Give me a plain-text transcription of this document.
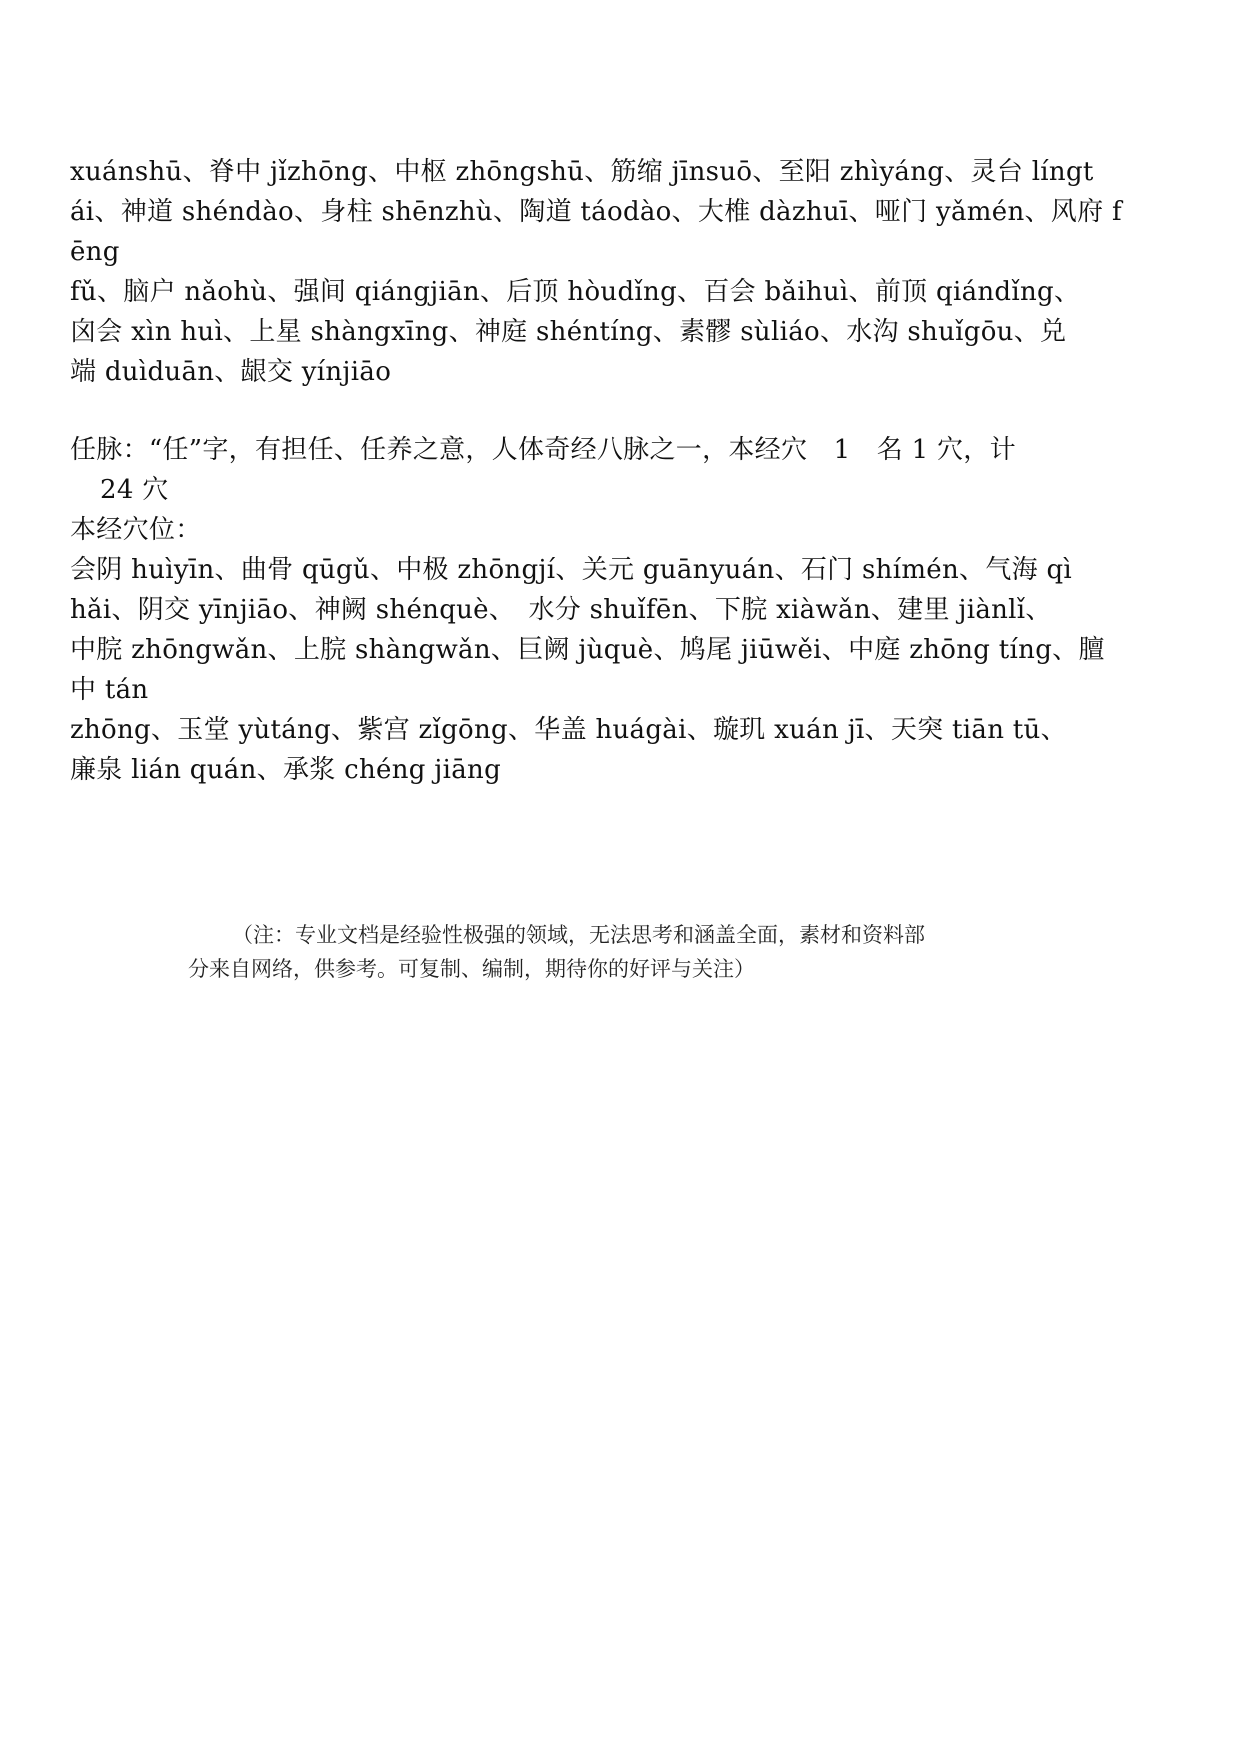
xuánshū、脊中 jǐzhōng、中枢 zhōngshū、筋缩 jīnsuō、至阳 zhìyáng、灵台 língt
ái、神道 shéndào、身柱 shēnzhù、陶道 táodào、大椎 dàzhuī、哑门 yǎmén、风府 f
ēng
fǔ、脑户 nǎohù、强间 qiángjiān、后顶 hòudǐng、百会 bǎihuì、前顶 qiándǐng、
囟会 xìn huì、上星 shàngxīng、神庭 shéntíng、素髎 sùliáo、水沟 shuǐgōu、兑
端 duìduān、龈交 yínjiāo
任脉：“任”字，有担任、任养之意，人体奇经八脉之一，本经穴　1　名 1 穴，计
24 穴
本经穴位：
会阴 huìyīn、曲骨 qūgǔ、中极 zhōngjí、关元 guānyuán、石门 shímén、气海 qì
hǎi、阴交 yīnjiāo、神阙 shénquè、　水分 shuǐfēn、下脘 xiàwǎn、建里 jiànlǐ、
中脘 zhōngwǎn、上脘 shàngwǎn、巨阙 jùquè、鸠尾 jiūwěi、中庭 zhōng tíng、膻
中 tán
zhōng、玉堂 yùtáng、紫宫 zǐgōng、华盖 huágài、璇玑 xuán jī、天突 tiān tū、
廉泉 lián quán、承浆 chéng jiāng
（注：专业文档是经验性极强的领域，无法思考和涵盖全面，素材和资料部
分来自网络，供参考。可复制、编制，期待你的好评与关注）
